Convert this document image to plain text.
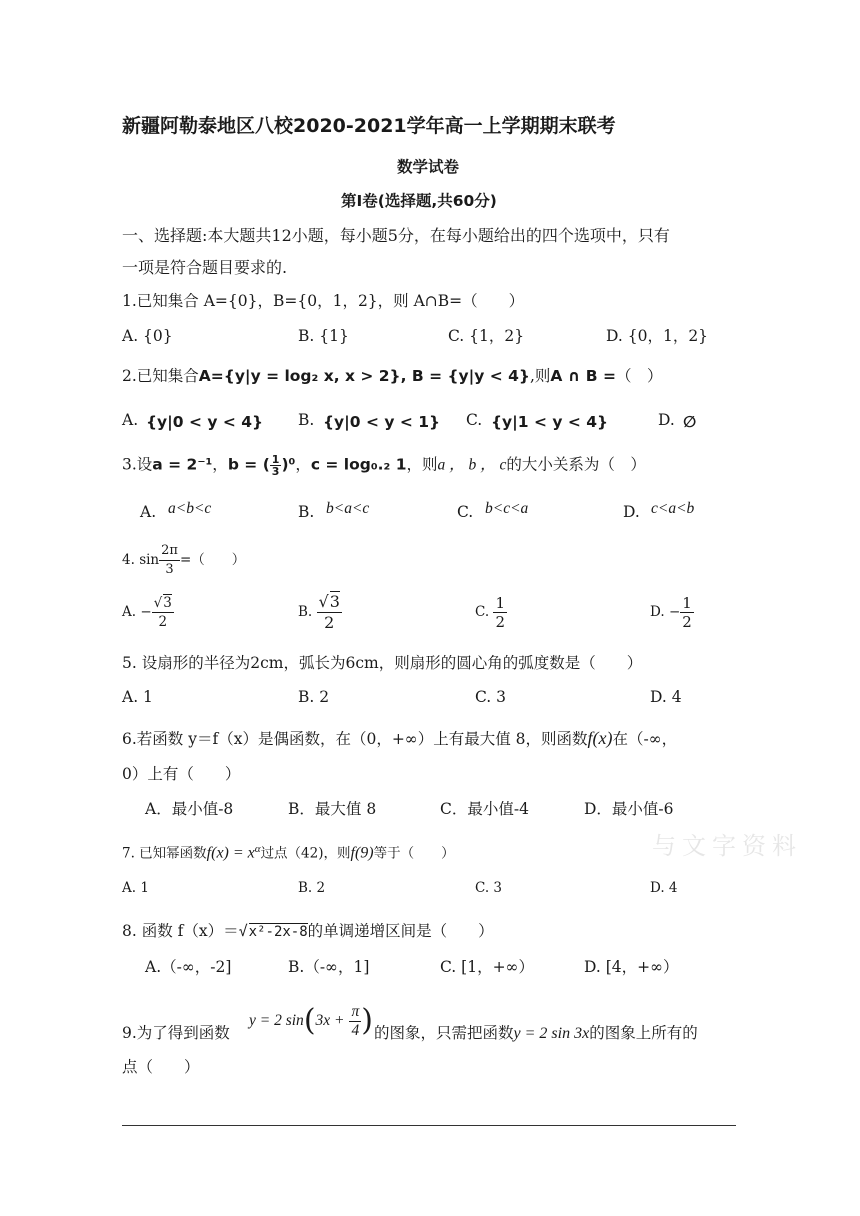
新疆阿勒泰地区八校2020-2021学年高一上学期期末联考
数学试卷
第Ⅰ卷(选择题,共60分)
一、选择题:本大题共12小题，每小题5分，在每小题给出的四个选项中，只有
一项是符合题目要求的.
1.已知集合 A={0}，B={0，1，2}，则 A∩B=（　　）
A. {0}	B. {1}	C. {1，2}	D. {0，1，2}
2.已知集合A={y|y = log₂ x, x > 2}, B = {y|y < 4},则A ∩ B =（　）
A. {y|0 < y < 4} B. {y|0 < y < 1} C. {y|1 < y < 4}	D. ∅
3.设a = 2⁻¹，b = ( $\frac{1}{3} )^0$，c = log₀.₂ 1，则a ， b ， c的大小关系为（　）
A. a<b<c	B. b<a<c	C. b<c<a	D. c<a<b
4. $\sin \frac{2\pi}{3}$ =（　　）
A. − $\frac{√3}{2}$	B. $\frac{√3}{2}$	C. $\frac{1}{2}$	D. − $\frac{1}{2}$
5. 设扇形的半径为2cm，弧长为6cm，则扇形的圆心角的弧度数是（　　）
A. 1	B. 2	C. 3	D. 4
6.若函数 y＝f（x）是偶函数，在（0，+∞）上有最大值 8，则函数f(x)在（-∞，
0）上有（　　）
A．最小值-8	B．最大值 8	C．最小值-4	D．最小值-6
与文字资料
7. 已知幂函数$f(x) = x^\alpha$过点（42)，则f(9)等于（　　）
A. 1	B. 2	C. 3	D. 4
8. 函数 f（x）＝√x²-2x-8的单调递增区间是（　　）
A.（-∞，-2]	B.（-∞，1]	C. [1，+∞）	D. [4，+∞）
y = 2 $\sin(3x + \frac{\pi}{4}$ )
9.为了得到函数	的图象，只需把函数y = 2 sin 3x的图象上所有的
点（　　）
